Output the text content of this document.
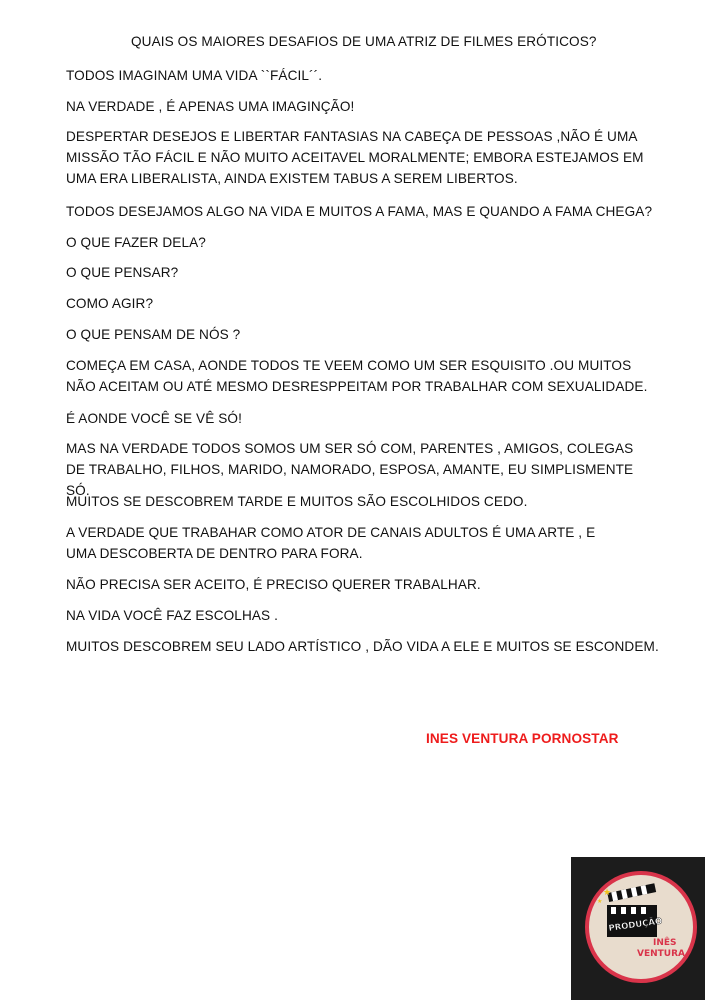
QUAIS OS MAIORES DESAFIOS DE UMA ATRIZ DE FILMES ERÓTICOS?

TODOS IMAGINAM UMA VIDA ``FÁCIL´´.

NA VERDADE , É APENAS UMA IMAGINÇÃO!

DESPERTAR DESEJOS E LIBERTAR FANTASIAS NA CABEÇA DE PESSOAS ,NÃO É UMA MISSÃO TÃO FÁCIL E NÃO MUITO ACEITAVEL MORALMENTE; EMBORA ESTEJAMOS EM UMA ERA LIBERALISTA, AINDA EXISTEM TABUS A SEREM LIBERTOS.

TODOS DESEJAMOS ALGO NA VIDA E MUITOS A FAMA, MAS E QUANDO A FAMA CHEGA?

O QUE FAZER DELA?

O QUE PENSAR?

COMO AGIR?

O QUE PENSAM DE NÓS ?

COMEÇA EM CASA, AONDE TODOS TE VEEM COMO UM SER ESQUISITO .OU MUITOS NÃO ACEITAM OU ATÉ MESMO DESRESPPEITAM POR TRABALHAR COM SEXUALIDADE.

É AONDE VOCÊ SE VÊ SÓ!

MAS NA VERDADE TODOS SOMOS UM SER SÓ COM, PARENTES , AMIGOS, COLEGAS DE TRABALHO, FILHOS, MARIDO, NAMORADO, ESPOSA, AMANTE, EU SIMPLISMENTE SÓ.

MUITOS SE DESCOBREM TARDE E MUITOS SÃO ESCOLHIDOS CEDO.

A VERDADE QUE TRABAHAR COMO ATOR DE CANAIS ADULTOS É UMA ARTE , E UMA DESCOBERTA DE DENTRO PARA FORA.

NÃO PRECISA SER ACEITO, É PRECISO QUERER TRABALHAR.

NA VIDA VOCÊ FAZ ESCOLHAS .

MUITOS DESCOBREM SEU LADO ARTÍSTICO , DÃO VIDA A ELE E MUITOS SE ESCONDEM.

INES VENTURA PORNOSTAR
★
★
PRODUÇÃO
INÊS
VENTURA
